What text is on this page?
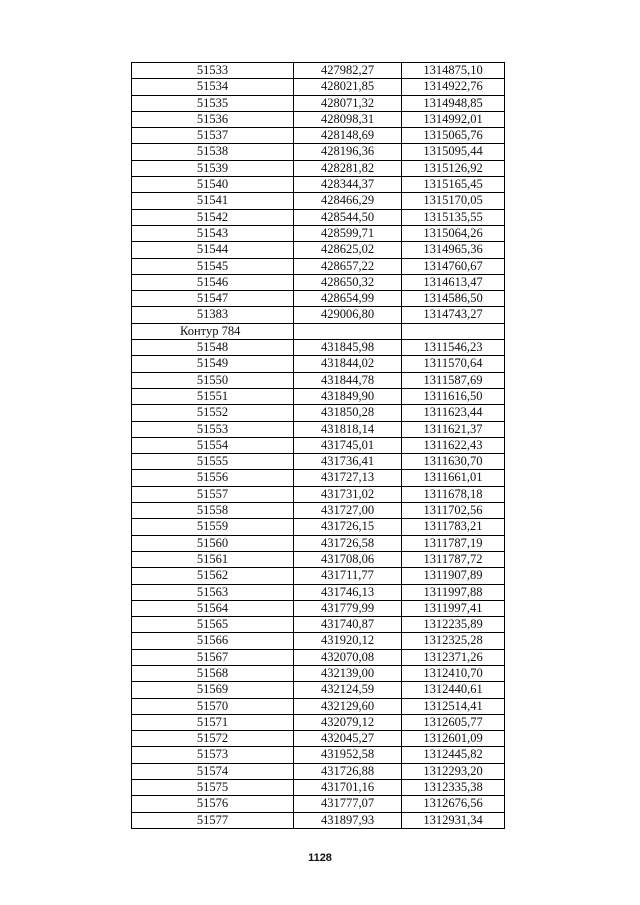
51533	427982,27	1314875,10
51534	428021,85	1314922,76
51535	428071,32	1314948,85
51536	428098,31	1314992,01
51537	428148,69	1315065,76
51538	428196,36	1315095,44
51539	428281,82	1315126,92
51540	428344,37	1315165,45
51541	428466,29	1315170,05
51542	428544,50	1315135,55
51543	428599,71	1315064,26
51544	428625,02	1314965,36
51545	428657,22	1314760,67
51546	428650,32	1314613,47
51547	428654,99	1314586,50
51383	429006,80	1314743,27
Контур 784		
51548	431845,98	1311546,23
51549	431844,02	1311570,64
51550	431844,78	1311587,69
51551	431849,90	1311616,50
51552	431850,28	1311623,44
51553	431818,14	1311621,37
51554	431745,01	1311622,43
51555	431736,41	1311630,70
51556	431727,13	1311661,01
51557	431731,02	1311678,18
51558	431727,00	1311702,56
51559	431726,15	1311783,21
51560	431726,58	1311787,19
51561	431708,06	1311787,72
51562	431711,77	1311907,89
51563	431746,13	1311997,88
51564	431779,99	1311997,41
51565	431740,87	1312235,89
51566	431920,12	1312325,28
51567	432070,08	1312371,26
51568	432139,00	1312410,70
51569	432124,59	1312440,61
51570	432129,60	1312514,41
51571	432079,12	1312605,77
51572	432045,27	1312601,09
51573	431952,58	1312445,82
51574	431726,88	1312293,20
51575	431701,16	1312335,38
51576	431777,07	1312676,56
51577	431897,93	1312931,34
1128
